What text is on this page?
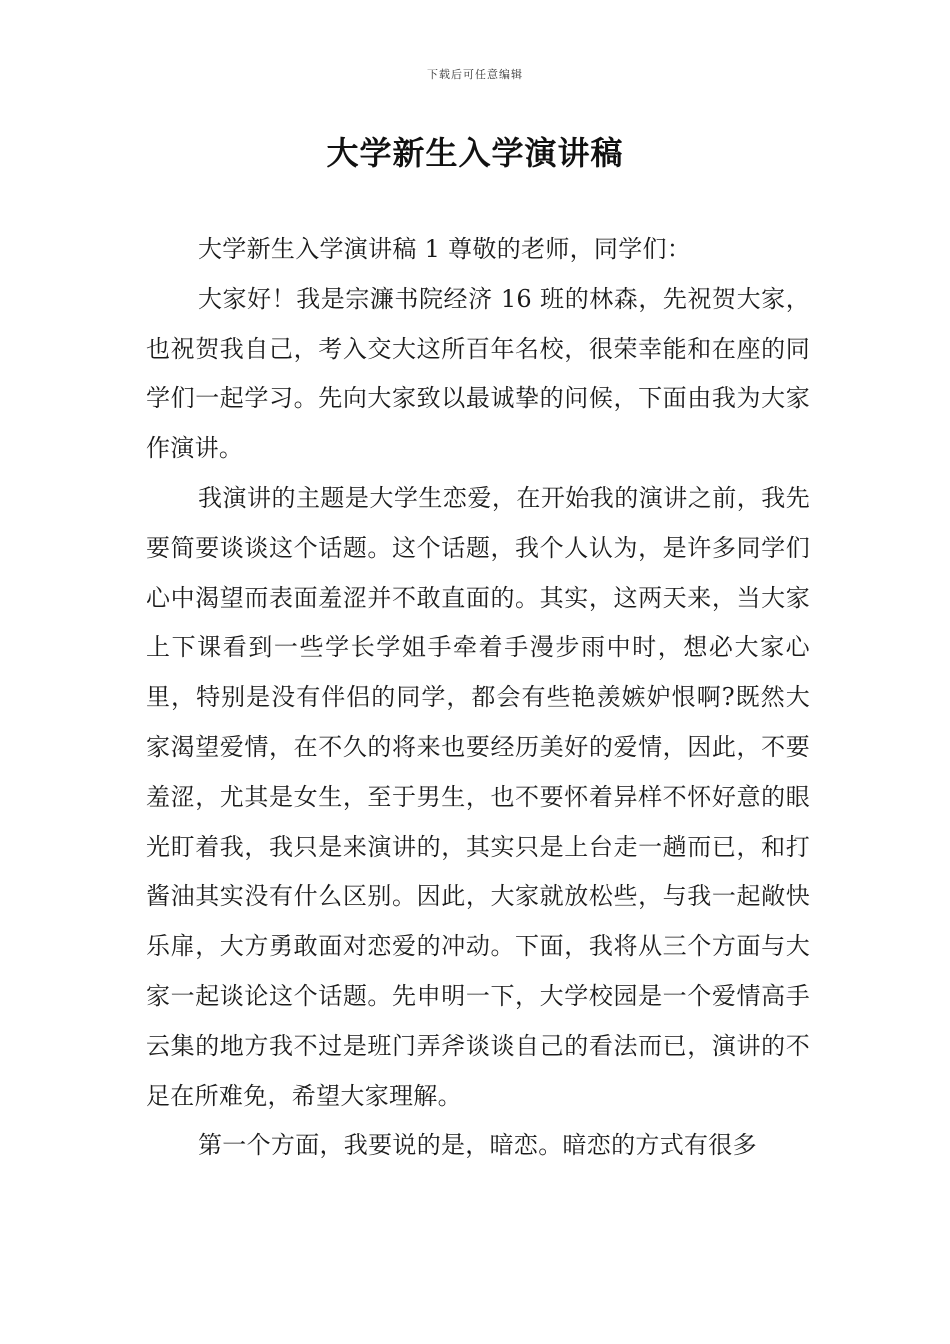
下载后可任意编辑
大学新生入学演讲稿

大学新生入学演讲稿 1 尊敬的老师，同学们：

大家好！我是宗濂书院经济 16 班的林森，先祝贺大家，也祝贺我自己，考入交大这所百年名校，很荣幸能和在座的同学们一起学习。先向大家致以最诚挚的问候，下面由我为大家作演讲。

我演讲的主题是大学生恋爱，在开始我的演讲之前，我先要简要谈谈这个话题。这个话题，我个人认为，是许多同学们心中渴望而表面羞涩并不敢直面的。其实，这两天来，当大家上下课看到一些学长学姐手牵着手漫步雨中时，想必大家心里，特别是没有伴侣的同学，都会有些艳羡嫉妒恨啊?既然大家渴望爱情，在不久的将来也要经历美好的爱情，因此，不要羞涩，尤其是女生，至于男生，也不要怀着异样不怀好意的眼光盯着我，我只是来演讲的，其实只是上台走一趟而已，和打酱油其实没有什么区别。因此，大家就放松些，与我一起敞快乐扉，大方勇敢面对恋爱的冲动。下面，我将从三个方面与大家一起谈论这个话题。先申明一下，大学校园是一个爱情高手云集的地方我不过是班门弄斧谈谈自己的看法而已，演讲的不足在所难免，希望大家理解。

第一个方面，我要说的是，暗恋。暗恋的方式有很多
